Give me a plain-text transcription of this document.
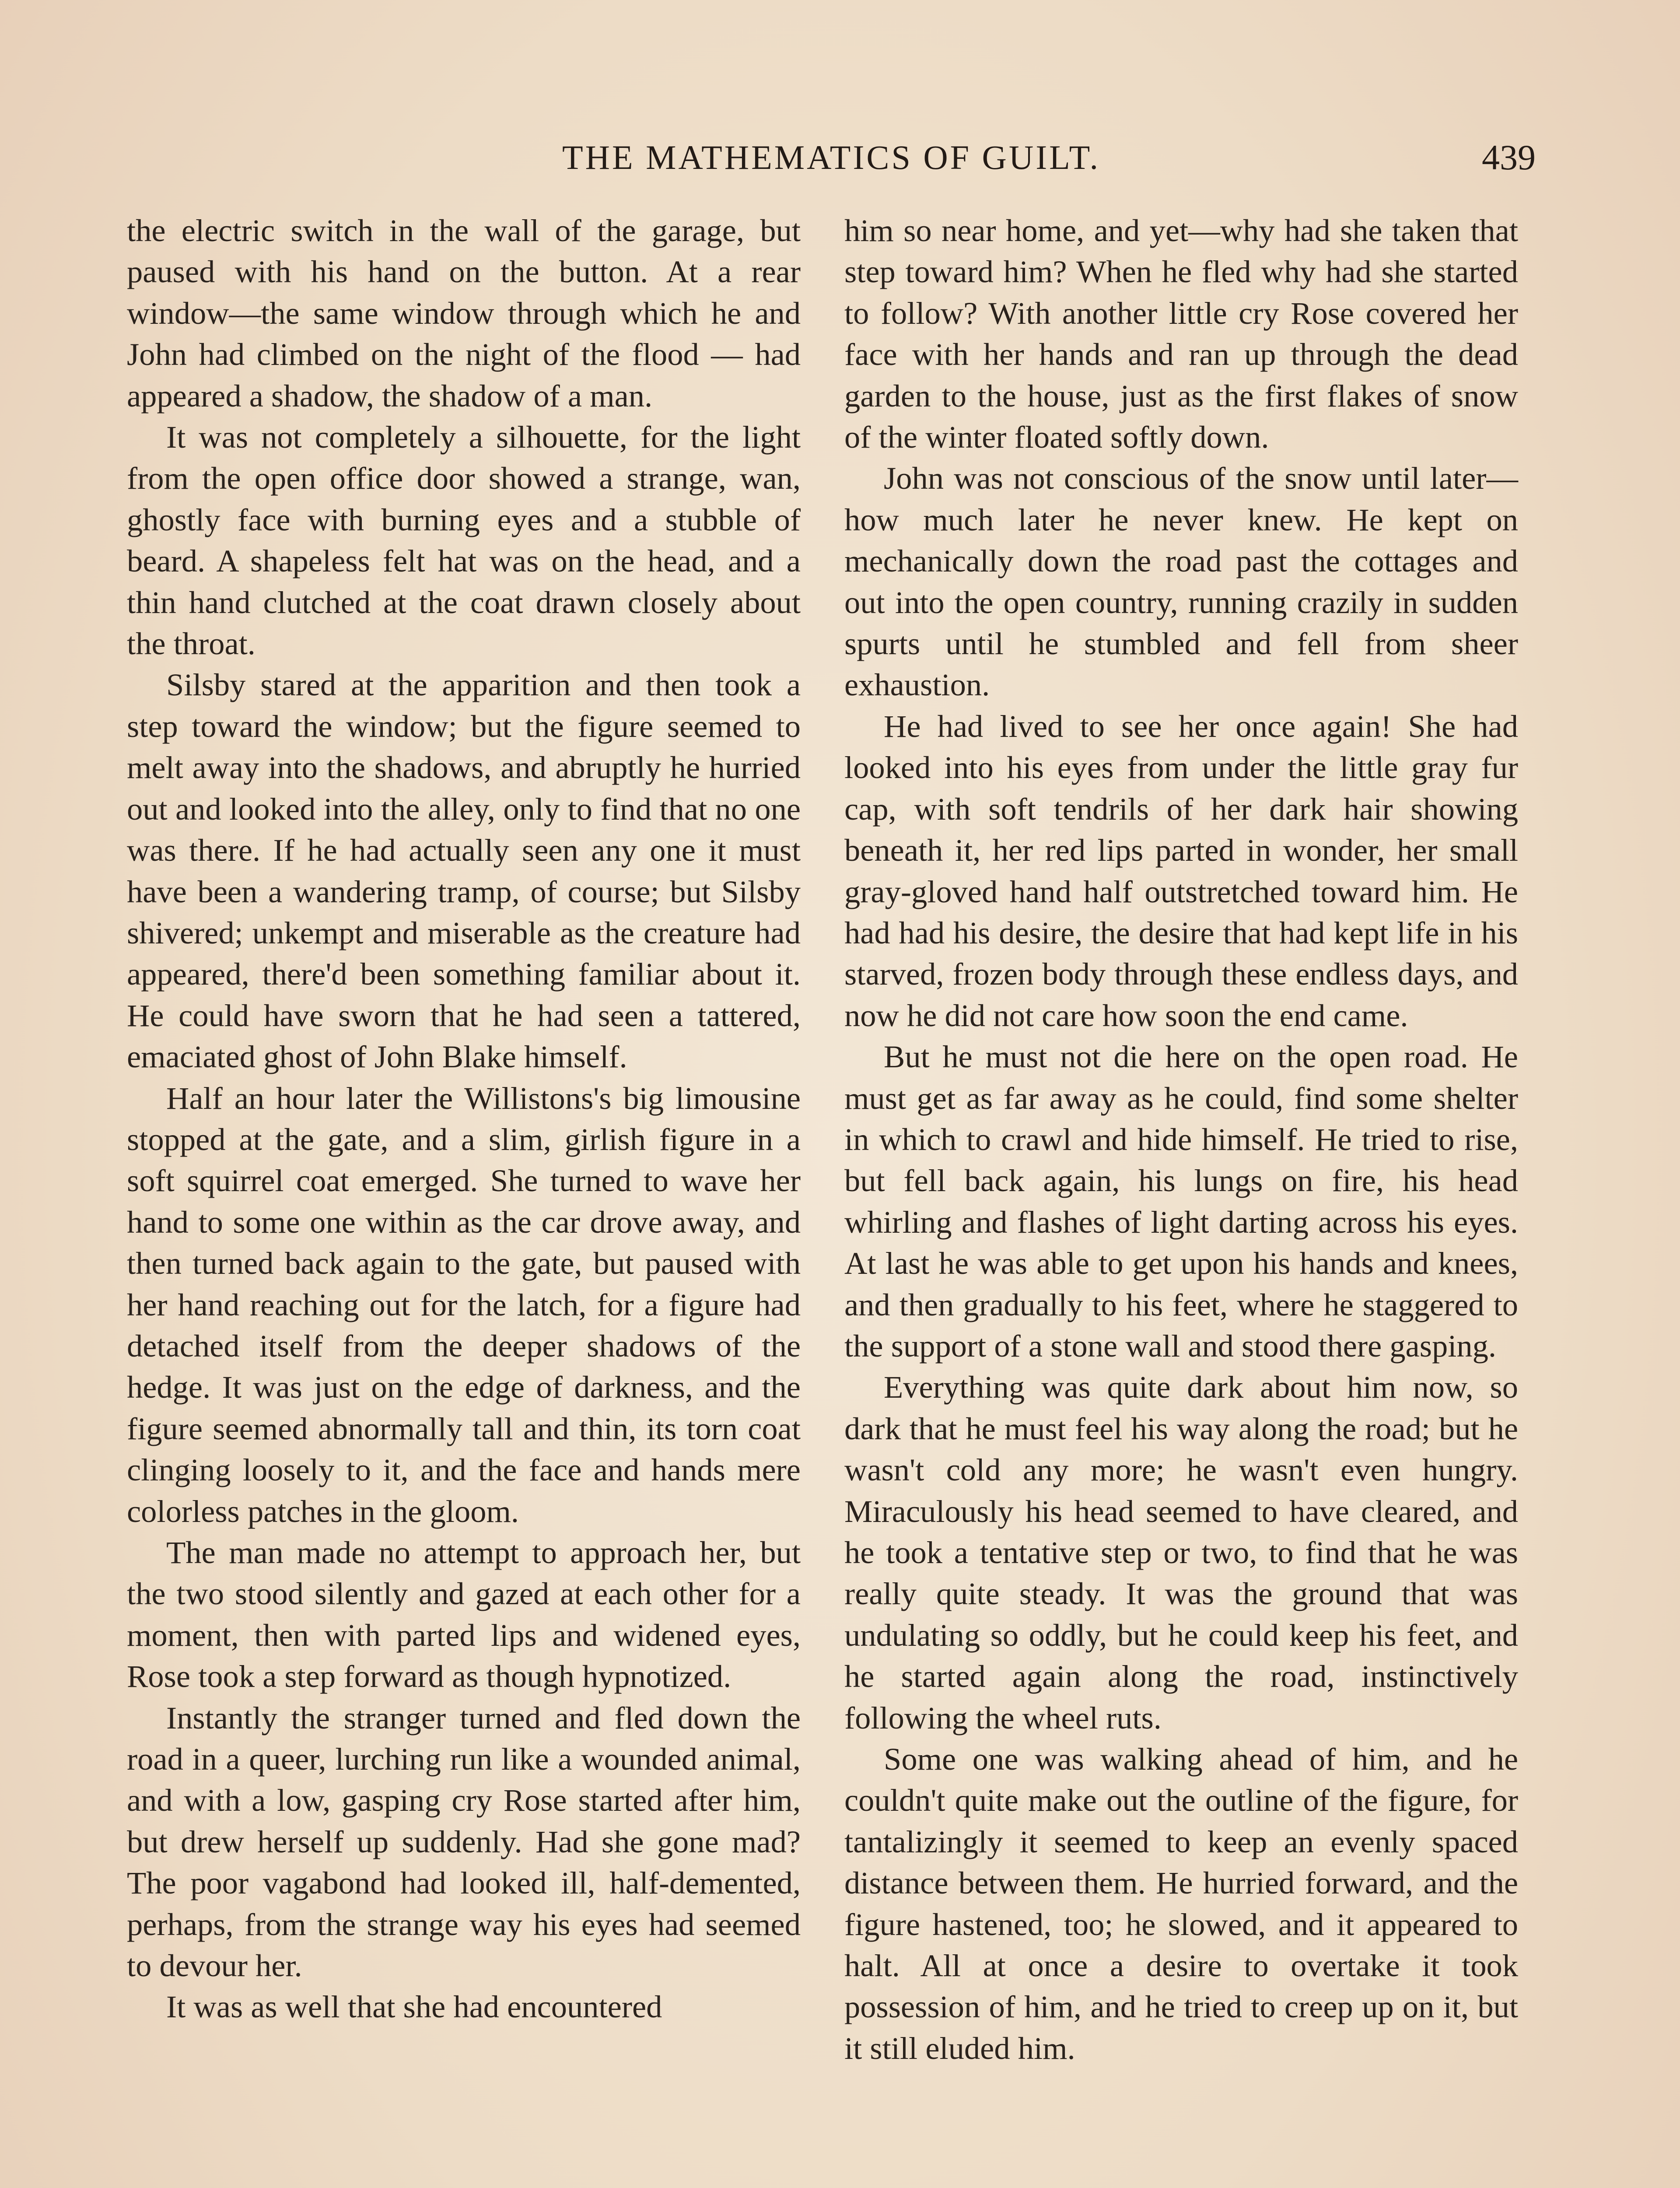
THE MATHEMATICS OF GUILT.	439

the electric switch in the wall of the garage, but paused with his hand on the button. At a rear window—the same window through which he and John had climbed on the night of the flood — had appeared a shadow, the shadow of a man.

It was not completely a silhouette, for the light from the open office door showed a strange, wan, ghostly face with burning eyes and a stubble of beard. A shapeless felt hat was on the head, and a thin hand clutched at the coat drawn closely about the throat.

Silsby stared at the apparition and then took a step toward the window; but the figure seemed to melt away into the shadows, and abruptly he hurried out and looked into the alley, only to find that no one was there. If he had actually seen any one it must have been a wandering tramp, of course; but Silsby shivered; unkempt and miserable as the creature had appeared, there'd been something familiar about it. He could have sworn that he had seen a tattered, emaciated ghost of John Blake himself.

Half an hour later the Willistons's big limousine stopped at the gate, and a slim, girlish figure in a soft squirrel coat emerged. She turned to wave her hand to some one within as the car drove away, and then turned back again to the gate, but paused with her hand reaching out for the latch, for a figure had detached itself from the deeper shadows of the hedge. It was just on the edge of darkness, and the figure seemed abnormally tall and thin, its torn coat clinging loosely to it, and the face and hands mere colorless patches in the gloom.

The man made no attempt to approach her, but the two stood silently and gazed at each other for a moment, then with parted lips and widened eyes, Rose took a step forward as though hypnotized.

Instantly the stranger turned and fled down the road in a queer, lurching run like a wounded animal, and with a low, gasping cry Rose started after him, but drew herself up suddenly. Had she gone mad? The poor vagabond had looked ill, half-demented, perhaps, from the strange way his eyes had seemed to devour her.

It was as well that she had encountered

him so near home, and yet—why had she taken that step toward him? When he fled why had she started to follow? With another little cry Rose covered her face with her hands and ran up through the dead garden to the house, just as the first flakes of snow of the winter floated softly down.

John was not conscious of the snow until later—how much later he never knew. He kept on mechanically down the road past the cottages and out into the open country, running crazily in sudden spurts until he stumbled and fell from sheer exhaustion.

He had lived to see her once again! She had looked into his eyes from under the little gray fur cap, with soft tendrils of her dark hair showing beneath it, her red lips parted in wonder, her small gray-gloved hand half outstretched toward him. He had had his desire, the desire that had kept life in his starved, frozen body through these endless days, and now he did not care how soon the end came.

But he must not die here on the open road. He must get as far away as he could, find some shelter in which to crawl and hide himself. He tried to rise, but fell back again, his lungs on fire, his head whirling and flashes of light darting across his eyes. At last he was able to get upon his hands and knees, and then gradually to his feet, where he staggered to the support of a stone wall and stood there gasping.

Everything was quite dark about him now, so dark that he must feel his way along the road; but he wasn't cold any more; he wasn't even hungry. Miraculously his head seemed to have cleared, and he took a tentative step or two, to find that he was really quite steady. It was the ground that was undulating so oddly, but he could keep his feet, and he started again along the road, instinctively following the wheel ruts.

Some one was walking ahead of him, and he couldn't quite make out the outline of the figure, for tantalizingly it seemed to keep an evenly spaced distance between them. He hurried forward, and the figure hastened, too; he slowed, and it appeared to halt. All at once a desire to overtake it took possession of him, and he tried to creep up on it, but it still eluded him.
